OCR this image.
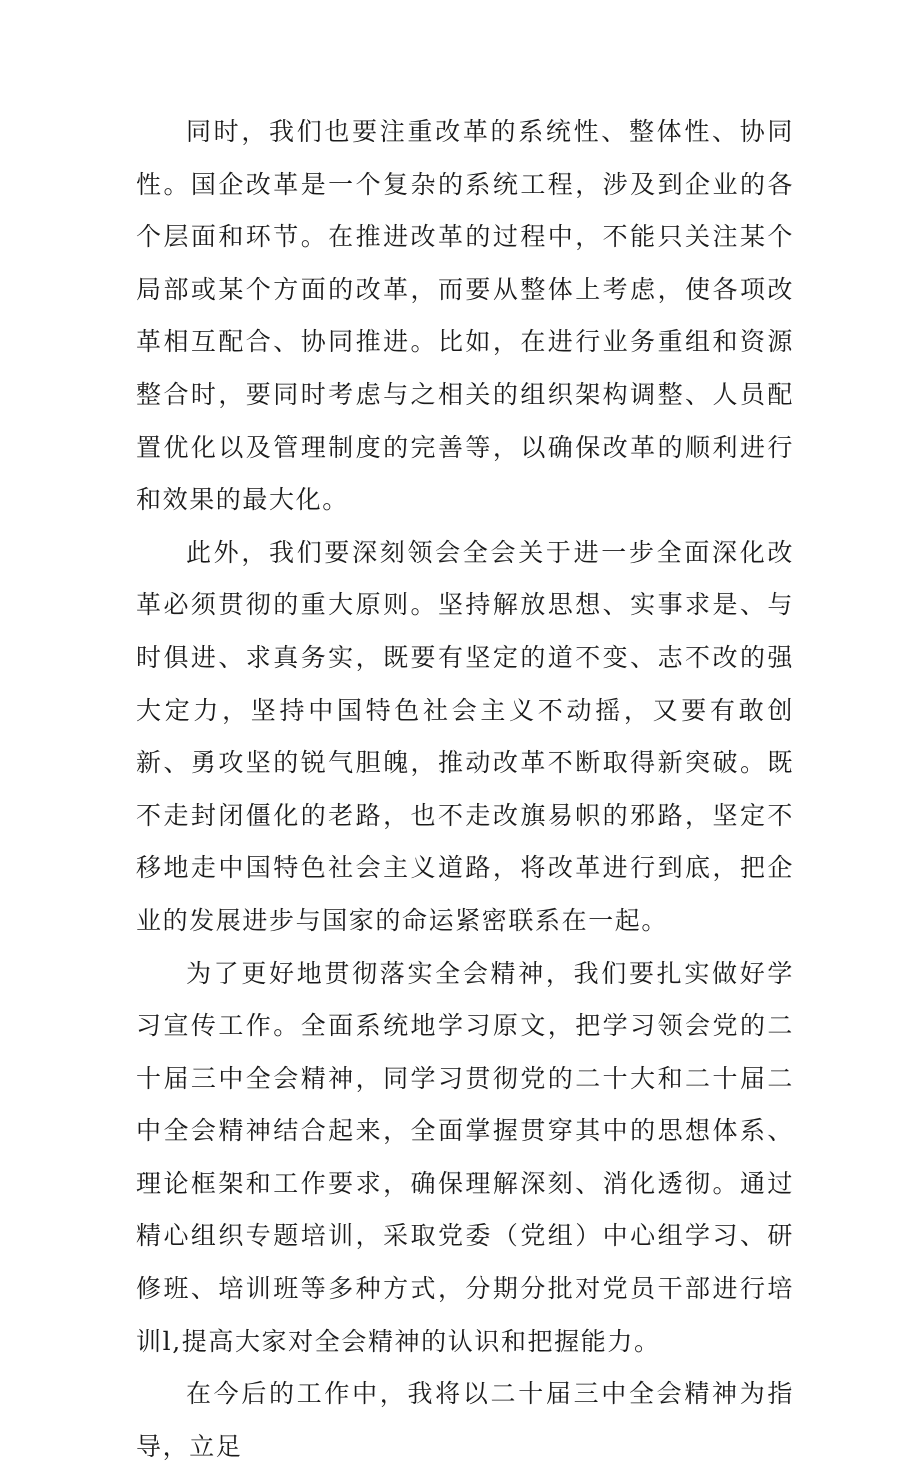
同时，我们也要注重改革的系统性、整体性、协同性。国企改革是一个复杂的系统工程，涉及到企业的各个层面和环节。在推进改革的过程中，不能只关注某个局部或某个方面的改革，而要从整体上考虑，使各项改革相互配合、协同推进。比如，在进行业务重组和资源整合时，要同时考虑与之相关的组织架构调整、人员配置优化以及管理制度的完善等，以确保改革的顺利进行和效果的最大化。

此外，我们要深刻领会全会关于进一步全面深化改革必须贯彻的重大原则。坚持解放思想、实事求是、与时俱进、求真务实，既要有坚定的道不变、志不改的强大定力，坚持中国特色社会主义不动摇，又要有敢创新、勇攻坚的锐气胆魄，推动改革不断取得新突破。既不走封闭僵化的老路，也不走改旗易帜的邪路，坚定不移地走中国特色社会主义道路，将改革进行到底，把企业的发展进步与国家的命运紧密联系在一起。

为了更好地贯彻落实全会精神，我们要扎实做好学习宣传工作。全面系统地学习原文，把学习领会党的二十届三中全会精神，同学习贯彻党的二十大和二十届二中全会精神结合起来，全面掌握贯穿其中的思想体系、理论框架和工作要求，确保理解深刻、消化透彻。通过精心组织专题培训，采取党委（党组）中心组学习、研修班、培训班等多种方式，分期分批对党员干部进行培训l,提高大家对全会精神的认识和把握能力。

在今后的工作中，我将以二十届三中全会精神为指导，立足
